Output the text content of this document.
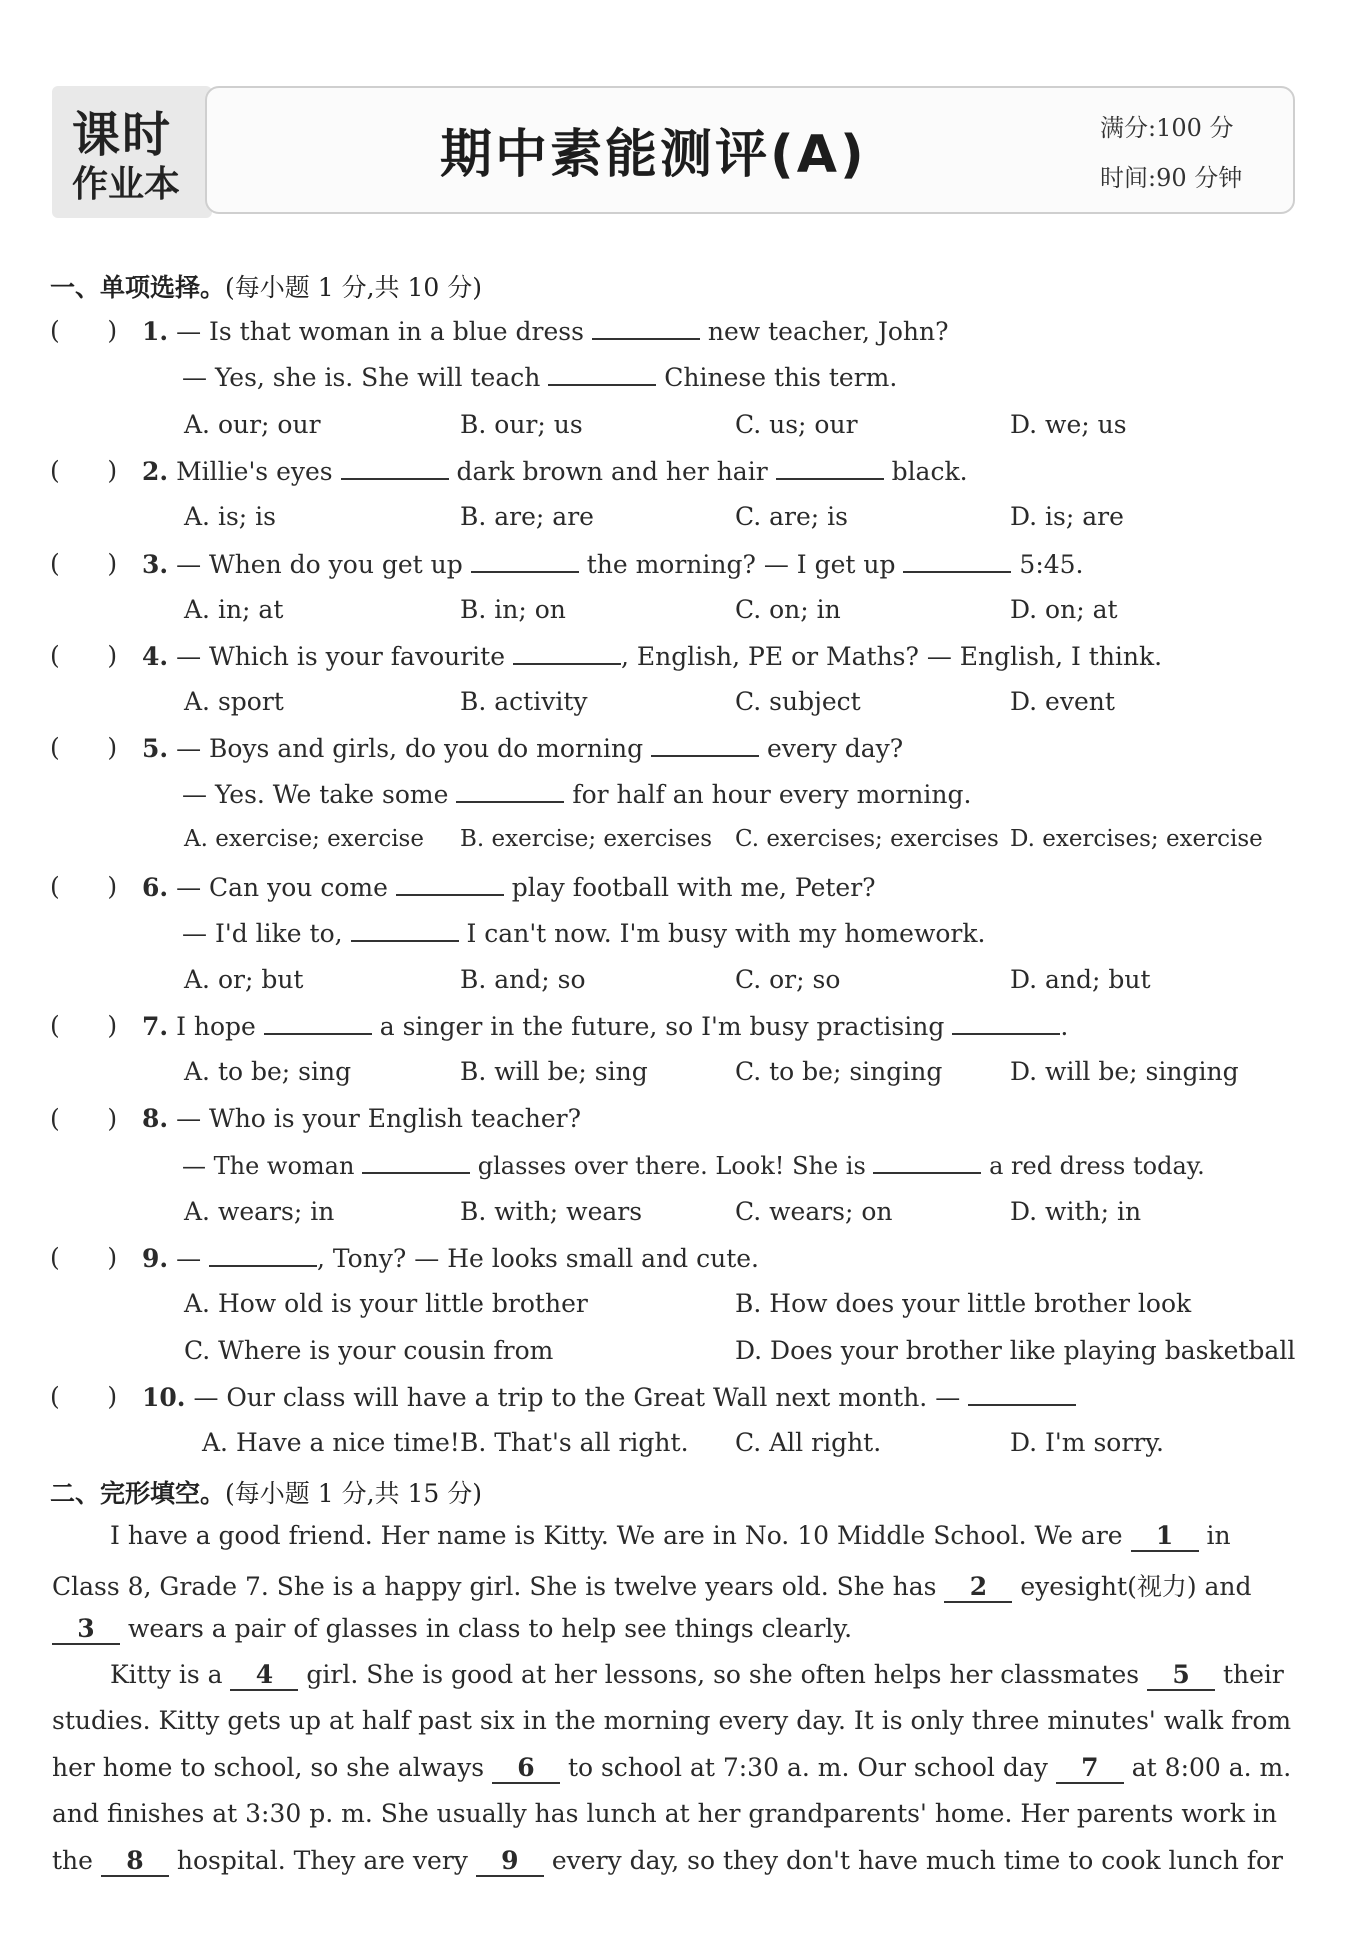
课时
作业本	期中素能测评(A)	满分:100 分
时间:90 分钟
一、单项选择。(每小题 1 分,共 10 分)
(      ) 1. — Is that woman in a blue dress	new teacher, John?
— Yes, she is. She will teach	Chinese this term.
A. our; our	B. our; us	C. us; our	D. we; us
(      ) 2. Millie's eyes	dark brown and her hair	black.
A. is; is	B. are; are	C. are; is	D. is; are
(      ) 3. — When do you get up	the morning? — I get up	5:45.
A. in; at	B. in; on	C. on; in	D. on; at
(      ) 4. — Which is your favourite	, English, PE or Maths? — English, I think.
A. sport	B. activity	C. subject	D. event
(      ) 5. — Boys and girls, do you do morning	every day?
— Yes. We take some	for half an hour every morning.
A. exercise; exercise B. exercise; exercises C. exercises; exercises D. exercises; exercise
(      ) 6. — Can you come	play football with me, Peter?
— I'd like to,	I can't now. I'm busy with my homework.
A. or; but	B. and; so	C. or; so	D. and; but
(      ) 7. I hope	a singer in the future, so I'm busy practising	.
A. to be; sing	B. will be; sing	C. to be; singing	D. will be; singing
(      ) 8. — Who is your English teacher?
— The woman	glasses over there. Look! She is	a red dress today.
A. wears; in	B. with; wears	C. wears; on	D. with; in
(      ) 9. —	, Tony? — He looks small and cute.
A. How old is your little brother	B. How does your little brother look
C. Where is your cousin from	D. Does your brother like playing basketball
(      ) 10. — Our class will have a trip to the Great Wall next month. —
A. Have a nice time! B. That's all right. C. All right.	D. I'm sorry.
二、完形填空。(每小题 1 分,共 15 分)
I have a good friend. Her name is Kitty. We are in No. 10 Middle School. We are 1 in
Class 8, Grade 7. She is a happy girl. She is twelve years old. She has 2 eyesight(视力) and
3 wears a pair of glasses in class to help see things clearly.
Kitty is a 4 girl. She is good at her lessons, so she often helps her classmates 5 their
studies. Kitty gets up at half past six in the morning every day. It is only three minutes' walk from
her home to school, so she always 6 to school at 7:30 a. m. Our school day 7 at 8:00 a. m.
and finishes at 3:30 p. m. She usually has lunch at her grandparents' home. Her parents work in
the 8 hospital. They are very 9 every day, so they don't have much time to cook lunch for
